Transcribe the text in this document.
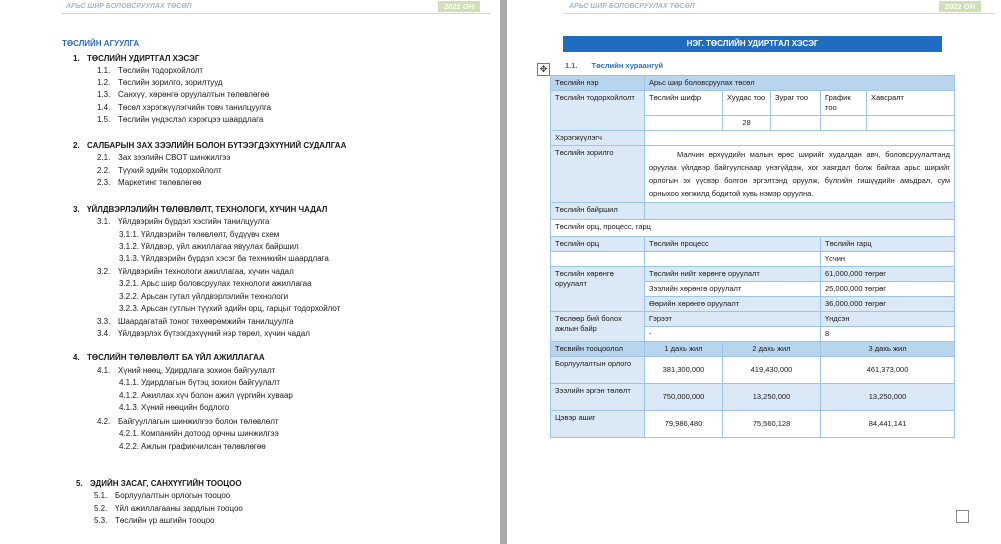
АРЬС ШИР БОЛОВСРУУЛАХ ТӨСӨЛ	2021 ОН
ТӨСЛИЙН АГУУЛГА
1. ТӨСЛИЙН УДИРТГАЛ ХЭСЭГ
1.1. Төслийн тодорхойлолт
1.2. Төслийн зорилго, зорилтууд
1.3. Санхүү, хөрөнгө оруулалтын төлөвлөгөө
1.4. Төсөл хэрэгжүүлэгчийн товч танилцуулга
1.5. Төслийн үндэслэл хэрэгцээ шаардлага
2. САЛБАРЫН ЗАХ ЗЭЭЛИЙН БОЛОН БҮТЭЭГДЭХҮҮНИЙ СУДАЛГАА
2.1. Зах зээлийн СВОТ шинжилгээ
2.2. Түүхий эдийн тодорхойлолт
2.3. Маркетинг төлөвлөгөө
3. ҮЙЛДВЭРЛЭЛИЙН ТӨЛӨВЛӨЛТ, ТЕХНОЛОГИ, ХҮЧИН ЧАДАЛ
3.1. Үйлдвэрийн бүрдэл хэсгийн танилцуулга
3.1.1. Үйлдвэрийн төлөвлөлт, бүдүүвч схем
3.1.2. Үйлдвэр, үйл ажиллагаа явуулах байршил
3.1.3. Үйлдвэрийн бүрдэл хэсэг ба техникийн шаардлага
3.2. Үйлдвэрийн технологи ажиллагаа, хүчин чадал
3.2.1. Арьс шир боловсруулах технологи ажиллагаа
3.2.2. Арьсан гутал үйлдвэрлэлийн технологи
3.2.3. Арьсан гутлын түүхий эдийн орц, гарцыг тодорхойлот
3.3. Шаардагатай тоног төхөөрөмжийн танилцуулга
3.4. Үйлдвэрлэх бүтээгдэхүүний нэр төрөл, хүчин чадал
4. ТӨСЛИЙН ТӨЛӨВЛӨЛТ БА ҮЙЛ АЖИЛЛАГАА
4.1. Хүний нөөц, Удирдлага зохион байгуулалт
4.1.1. Удирдлагын бүтэц зохион байгуулалт
4.1.2. Ажиллах хүч болон ажил үүргийн хуваар
4.1.3. Хүний нөөцийн бодлого
4.2. Байгууллагын шинжилгээ болон төлөвлөлт
4.2.1. Компанийн дотоод орчны шинжилгээ
4.2.2. Ажлын графикчилсан төлөвлөгөө
5. ЭДИЙН ЗАСАГ, САНХҮҮГИЙН ТООЦОО
5.1. Борлуулалтын орлогын тооцоо
5.2. Үйл ажиллагааны зардлын тооцоо
5.3. Төслийн үр ашгийн тооцоо
АРЬС ШИР БОЛОВСРУУЛАХ ТӨСӨЛ	2021 ОН
НЭГ. ТӨСЛИЙН УДИРТГАЛ ХЭСЭГ
✥	1.1. Төслийн хураангуй
Төслийн нэр	Арьс шир боловсруулах төсөл				
Төслийн тодорхойлолт	Төслийн шифр	Хуудас тоо	Зураг тоо	График тоо	Хавсралт
		28			
Хэрэгжүүлэгч					
Төслийн зорилго	Малчин өрхүүдийн малын өрөс ширийг худалдан авч, боловсруулалтанд оруулах үйлдвэр байгуулснаар үнэгүйдэж, хог хаягдал болж байгаа арьс ширийг орлогын эх үүсвэр болгон эргэлтэнд оруулж, бүлгийн гишүүдийн амьдрал, сум орныхоо хөгжилд бодитой хувь нэмэр оруулна.				
Төслийн байршил					
Төслийн орц, процесс, гарц					
Төслийн орц	Төслийн процесс			Төслийн гарц	
				Үсчин	
Төслийн хөрөнгө оруулалт	Төслийн нийт хөрөнгө оруулалт			61,000,000 төгрөг	
	Зээлийн хөрөнгө оруулалт			25,000,000 төгрөг	
	Өөрийн хөрөнгө оруулалт			36,000,000 төгрөг	
Төслөөр бий болох ажлын байр	Гэрээт			Үндсэн	
	-			8	
Төсвийн тооцоолол	1 дахь жил	2 дахь жил		3 дахь жил	
Борлуулалтын орлого	381,300,000	419,430,000		461,373,000	
Зээлийн эргэн төлөлт	750,000,000	13,250,000		13,250,000	
Цэвэр ашиг	79,986,480	75,560,128		84,441,141	
